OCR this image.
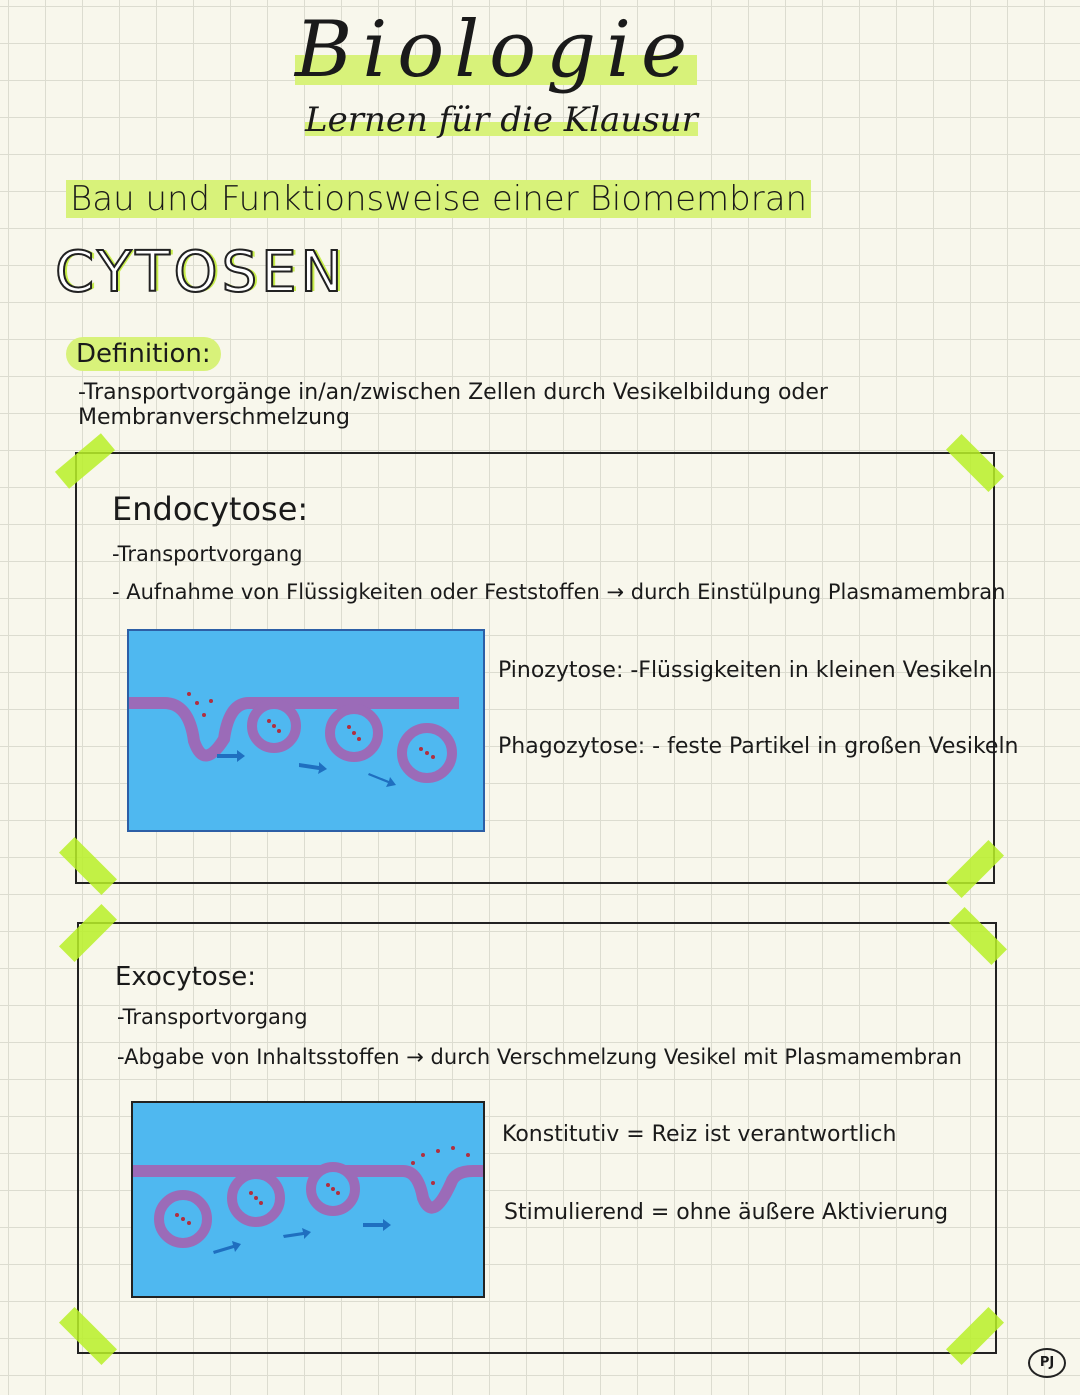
Biologie
Lernen für die Klausur
Bau und Funktionsweise einer Biomembran
CYTOSEN
Definition:
-Transportvorgänge in/an/zwischen Zellen durch Vesikelbildung oder Membranverschmelzung
Endocytose:
-Transportvorgang
- Aufnahme von Flüssigkeiten oder Feststoffen → durch Einstülpung Plasmamembran
Pinozytose: -Flüssigkeiten in kleinen Vesikeln
Phagozytose: - feste Partikel in großen Vesikeln
Exocytose:
-Transportvorgang
-Abgabe von Inhaltsstoffen → durch Verschmelzung Vesikel mit Plasmamembran
Konstitutiv = Reiz ist verantwortlich
Stimulierend = ohne äußere Aktivierung
PJ
